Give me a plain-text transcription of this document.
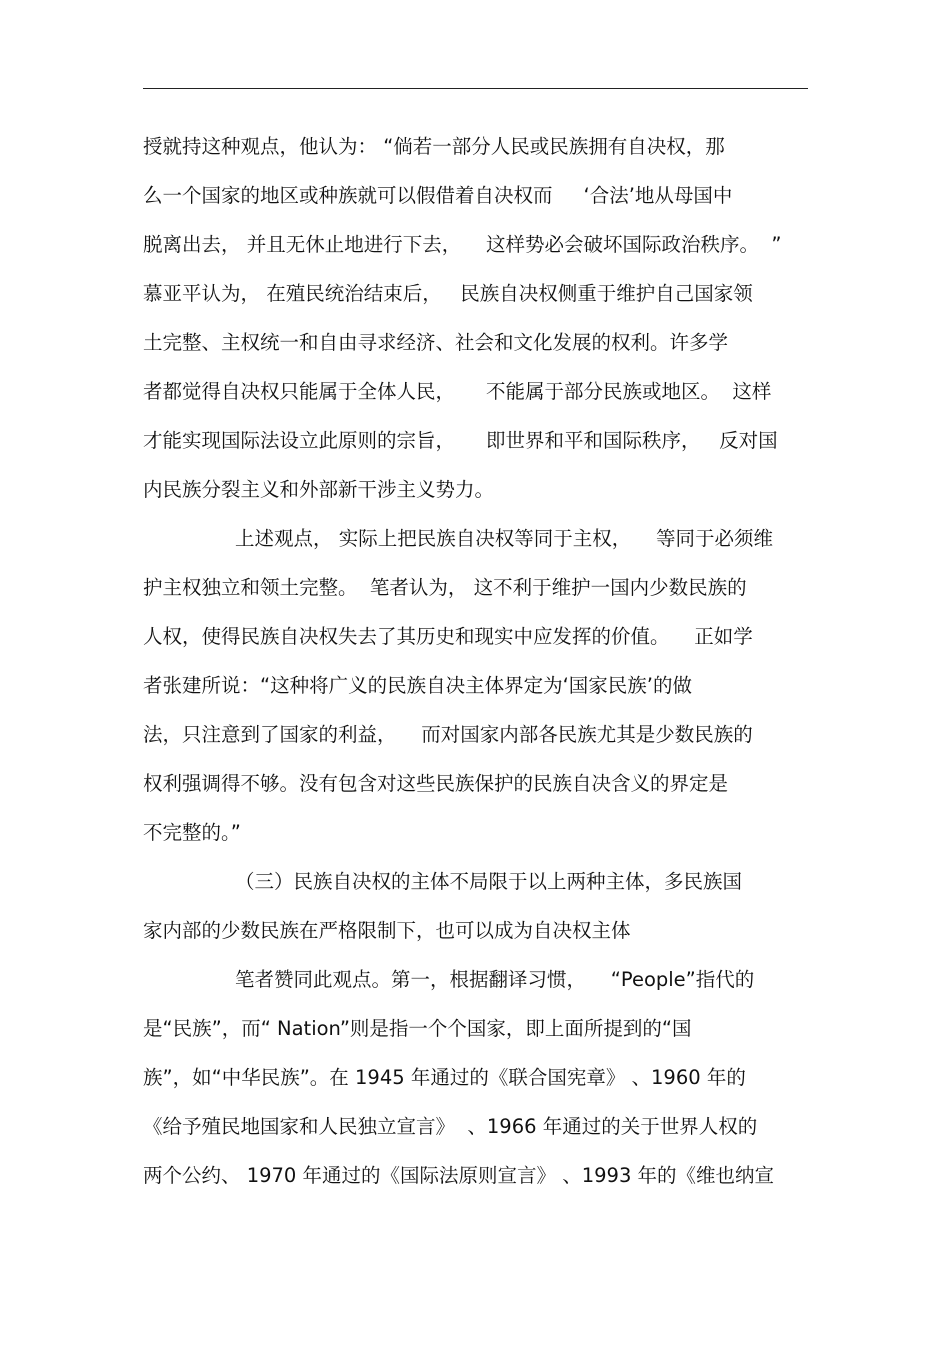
授就持这种观点，他认为： “倘若一部分人民或民族拥有自决权，那
么一个国家的地区或种族就可以假借着自决权而     ‘合法’地从母国中
脱离出去， 并且无休止地进行下去，    这样势必会破坏国际政治秩序。  ”
慕亚平认为， 在殖民统治结束后，   民族自决权侧重于维护自己国家领
土完整、主权统一和自由寻求经济、社会和文化发展的权利。许多学
者都觉得自决权只能属于全体人民，     不能属于部分民族或地区。  这样
才能实现国际法设立此原则的宗旨，     即世界和平和国际秩序，   反对国
内民族分裂主义和外部新干涉主义势力。
上述观点， 实际上把民族自决权等同于主权，    等同于必须维
护主权独立和领土完整。  笔者认为， 这不利于维护一国内少数民族的
人权，使得民族自决权失去了其历史和现实中应发挥的价值。    正如学
者张建所说：“这种将广义的民族自决主体界定为‘国家民族’的做
法，只注意到了国家的利益，    而对国家内部各民族尤其是少数民族的
权利强调得不够。没有包含对这些民族保护的民族自决含义的界定是
不完整的。”
（三）民族自决权的主体不局限于以上两种主体，多民族国
家内部的少数民族在严格限制下，也可以成为自决权主体
笔者赞同此观点。第一，根据翻译习惯，    “People”指代的
是“民族”，而“ Nation”则是指一个个国家，即上面所提到的“国
族”，如“中华民族”。在 1945 年通过的《联合国宪章》 、1960 年的
《给予殖民地国家和人民独立宣言》  、1966 年通过的关于世界人权的
两个公约、 1970 年通过的《国际法原则宣言》 、1993 年的《维也纳宣
